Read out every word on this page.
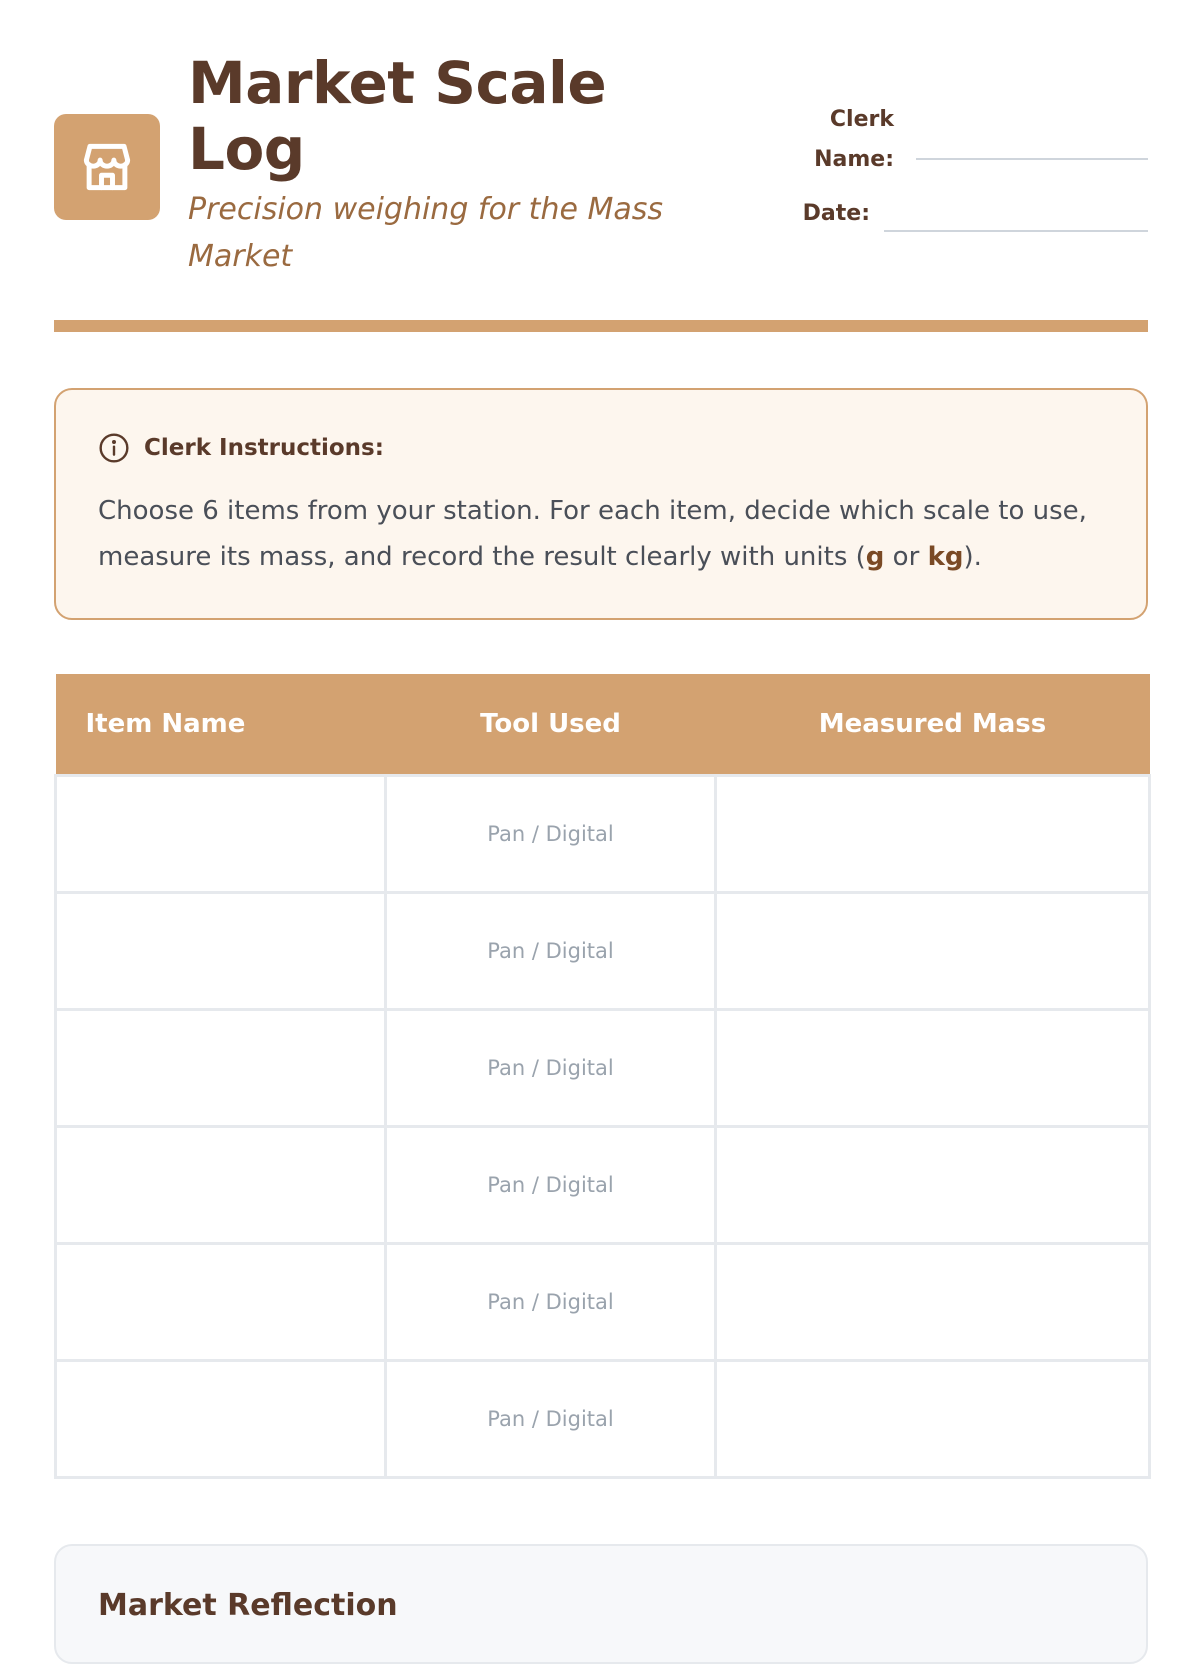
Market Scale Log

Precision weighing for the Mass Market

Clerk Name:
Date:
Clerk Instructions:

Choose 6 items from your station. For each item, decide which scale to use, measure its mass, and record the result clearly with units (g or kg).

Item Name	Tool Used	Measured Mass
	Pan / Digital	
	Pan / Digital	
	Pan / Digital	
	Pan / Digital	
	Pan / Digital	
	Pan / Digital	
Market Reflection
